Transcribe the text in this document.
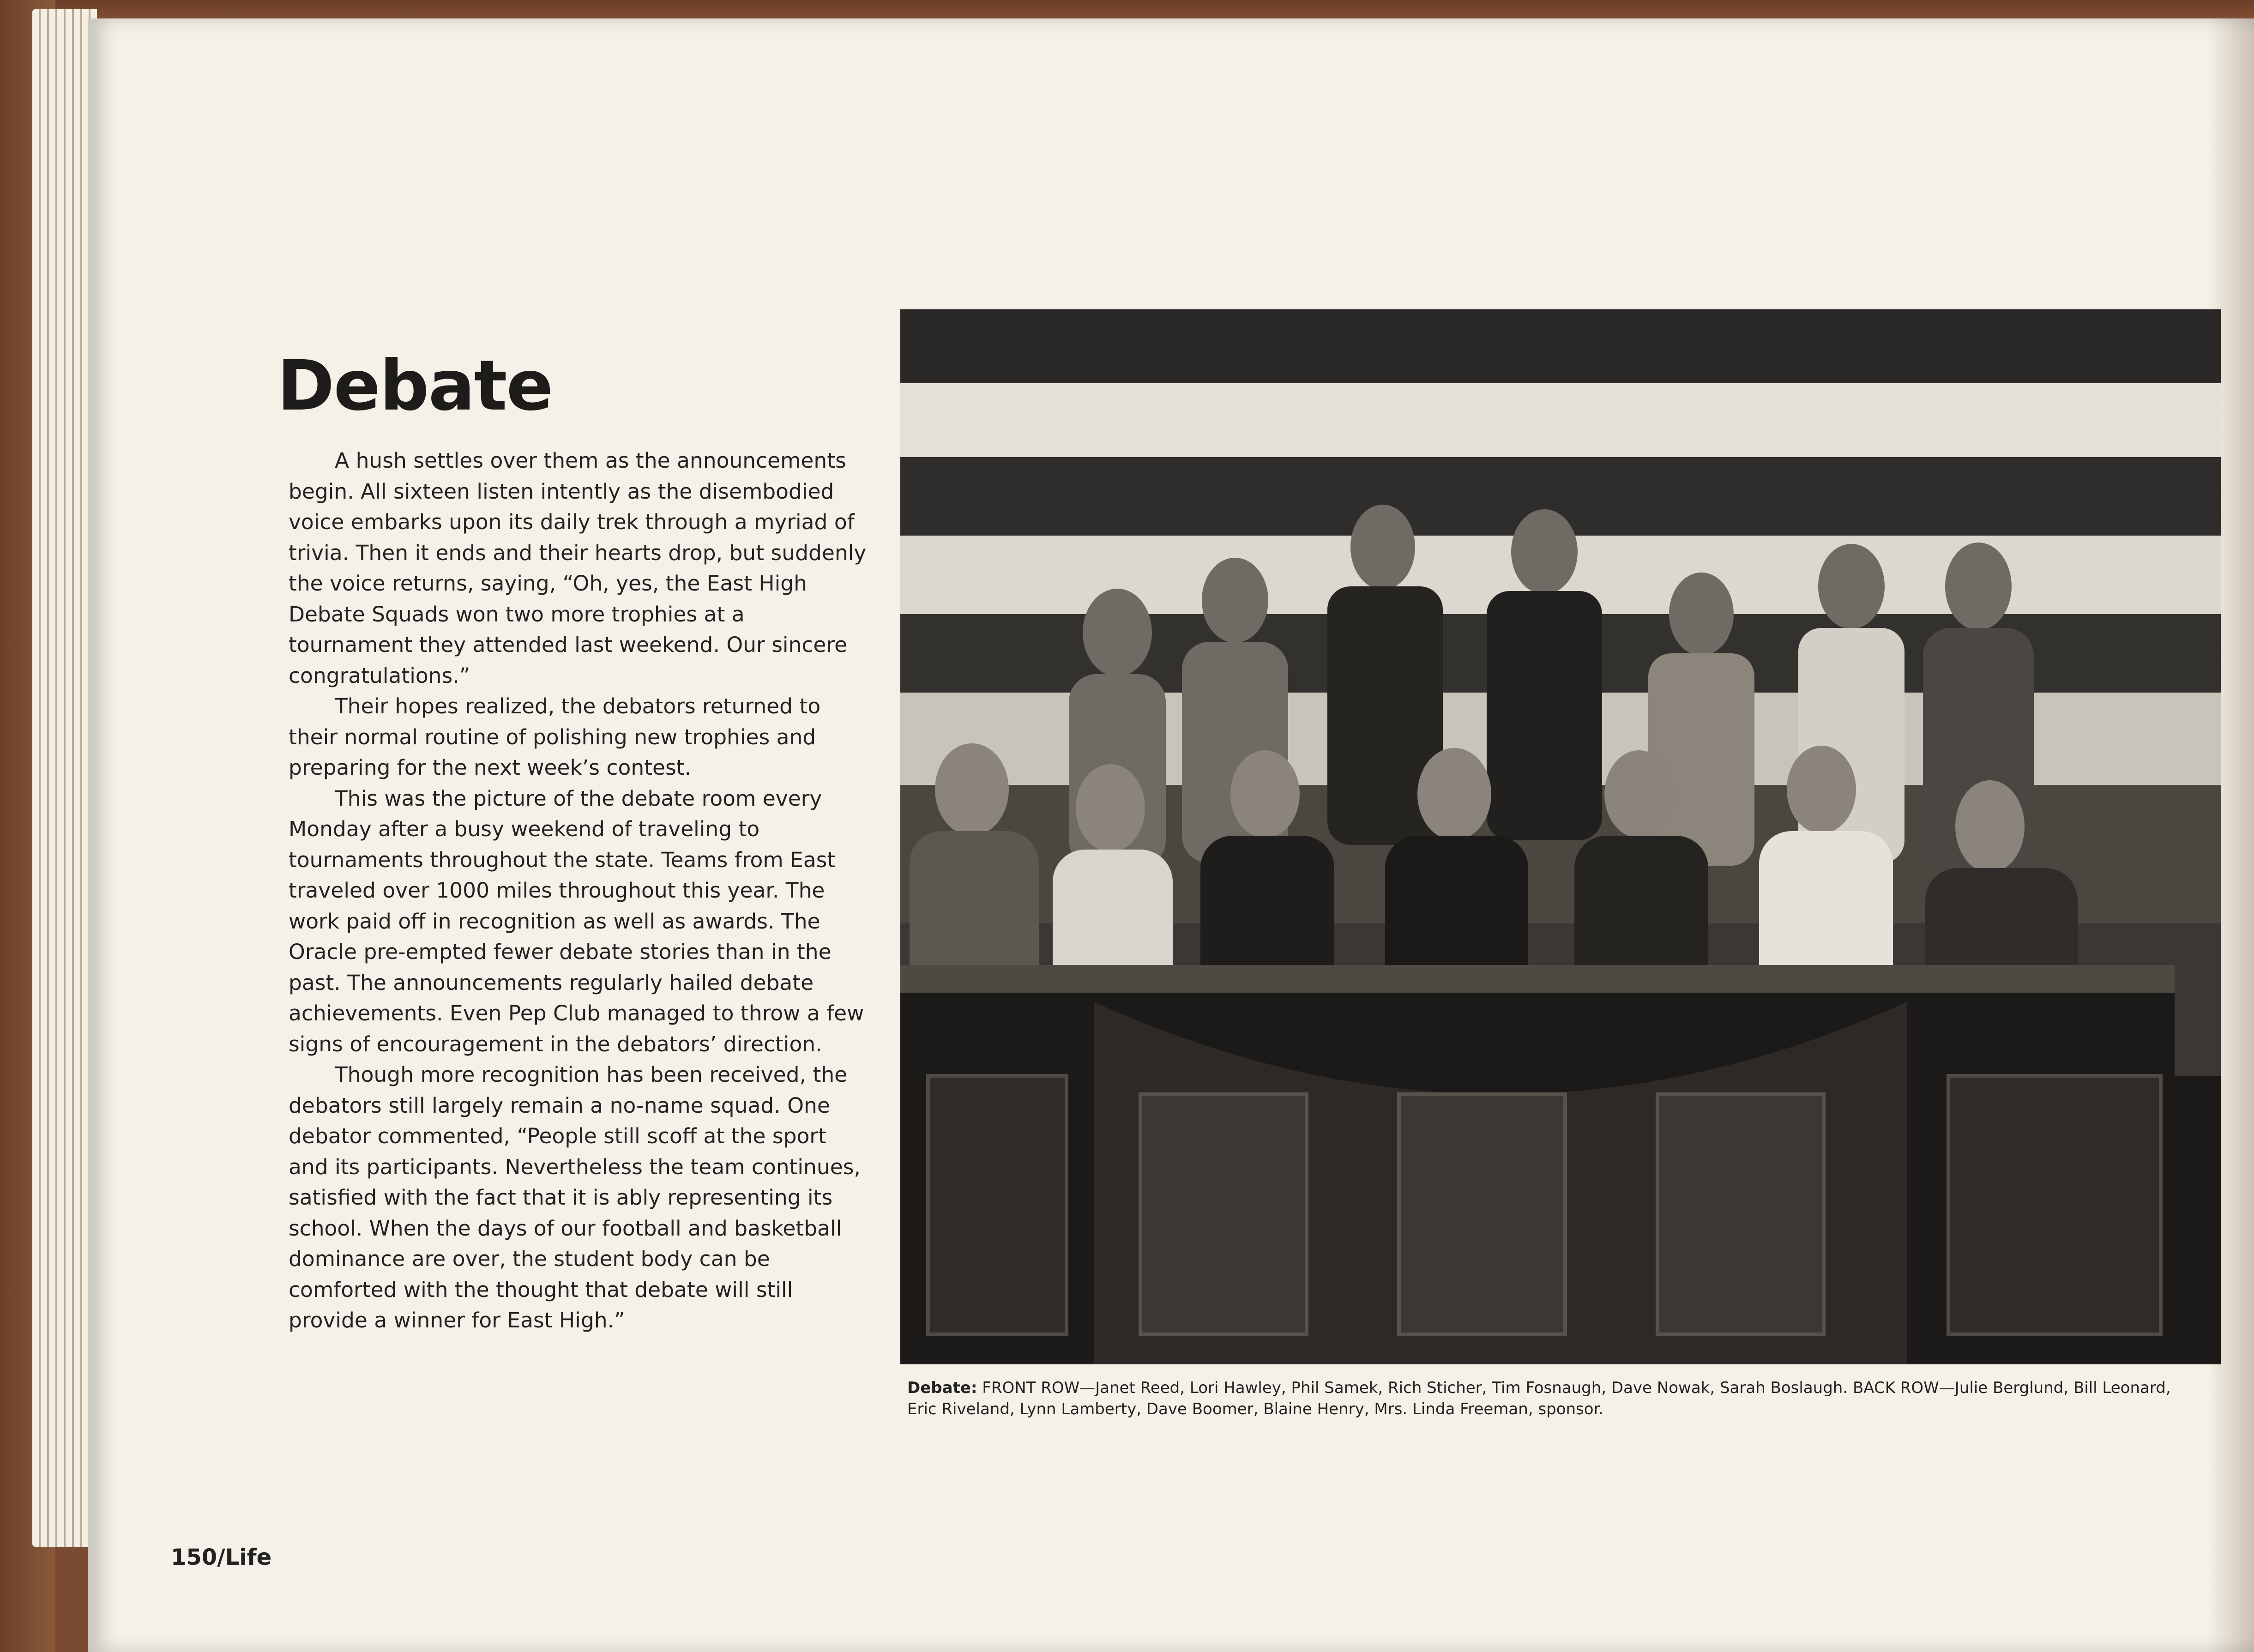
Debate

A hush settles over them as the announcements begin. All sixteen listen intently as the disembodied voice embarks upon its daily trek through a myriad of trivia. Then it ends and their hearts drop, but suddenly the voice returns, saying, “Oh, yes, the East High Debate Squads won two more trophies at a tournament they attended last weekend. Our sincere congratulations.”

Their hopes realized, the debators returned to their normal routine of polishing new trophies and preparing for the next week’s contest.

This was the picture of the debate room every Monday after a busy weekend of traveling to tournaments throughout the state. Teams from East traveled over 1000 miles throughout this year. The work paid off in recognition as well as awards. The Oracle pre-empted fewer debate stories than in the past. The announcements regularly hailed debate achievements. Even Pep Club managed to throw a few signs of encouragement in the debators’ direction.

Though more recognition has been received, the debators still largely remain a no-name squad. One debator commented, “People still scoff at the sport and its participants. Nevertheless the team continues, satisfied with the fact that it is ably representing its school. When the days of our football and basketball dominance are over, the student body can be comforted with the thought that debate will still provide a winner for East High.”

Debate: FRONT ROW—Janet Reed, Lori Hawley, Phil Samek, Rich Sticher, Tim Fosnaugh, Dave Nowak, Sarah Boslaugh. BACK ROW—Julie Berglund, Bill Leonard, Eric Riveland, Lynn Lamberty, Dave Boomer, Blaine Henry, Mrs. Linda Freeman, sponsor.

150/Life
